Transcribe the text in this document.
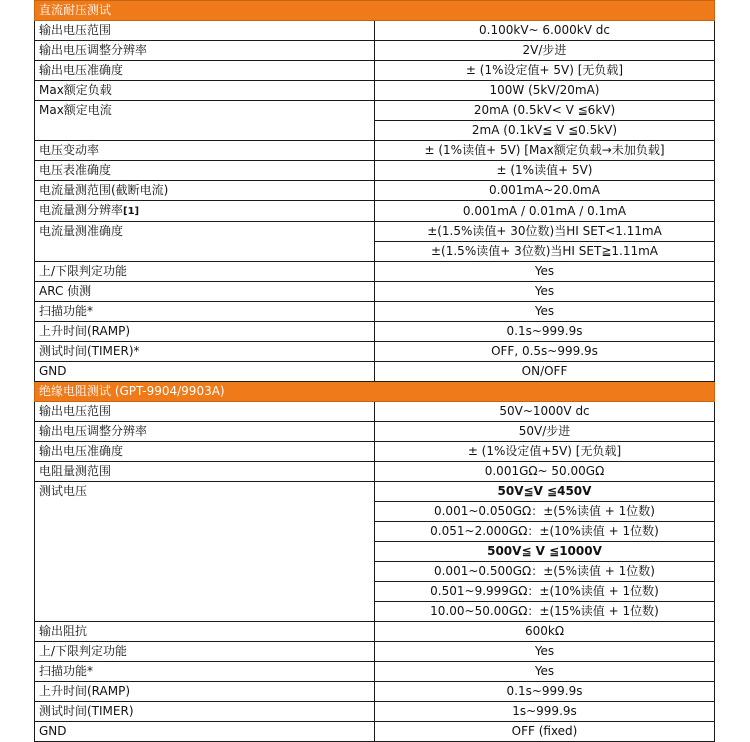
直流耐压测试	
输出电压范围	0.100kV~ 6.000kV dc
输出电压调整分辨率	2V/步进
输出电压准确度	± (1%设定值+ 5V) [无负载]
Max额定负载	100W (5kV/20mA)
Max额定电流	20mA (0.5kV< V ≦6kV)
	2mA (0.1kV≦ V ≦0.5kV)
电压变动率	± (1%读值+ 5V) [Max额定负载→未加负载]
电压表准确度	± (1%读值+ 5V)
电流量测范围(截断电流)	0.001mA~20.0mA
电流量测分辨率[1]	0.001mA / 0.01mA / 0.1mA
电流量测准确度	±(1.5%读值+ 30位数)当HI SET<1.11mA
	±(1.5%读值+ 3位数)当HI SET≧1.11mA
上/下限判定功能	Yes
ARC 侦测	Yes
扫描功能*	Yes
上升时间(RAMP)	0.1s~999.9s
测试时间(TIMER)*	OFF, 0.5s~999.9s
GND	ON/OFF
绝缘电阻测试 (GPT-9904/9903A)	
输出电压范围	50V~1000V dc
输出电压调整分辨率	50V/步进
输出电压准确度	± (1%设定值+5V) [无负载]
电阻量测范围	0.001GΩ~ 50.00GΩ
测试电压	50V≦V ≦450V
	0.001~0.050GΩ：±(5%读值 + 1位数)
	0.051~2.000GΩ：±(10%读值 + 1位数)
	500V≦ V ≦1000V
	0.001~0.500GΩ：±(5%读值 + 1位数)
	0.501~9.999GΩ：±(10%读值 + 1位数)
	10.00~50.00GΩ：±(15%读值 + 1位数)
输出阻抗	600kΩ
上/下限判定功能	Yes
扫描功能*	Yes
上升时间(RAMP)	0.1s~999.9s
测试时间(TIMER)	1s~999.9s
GND	OFF (fixed)
